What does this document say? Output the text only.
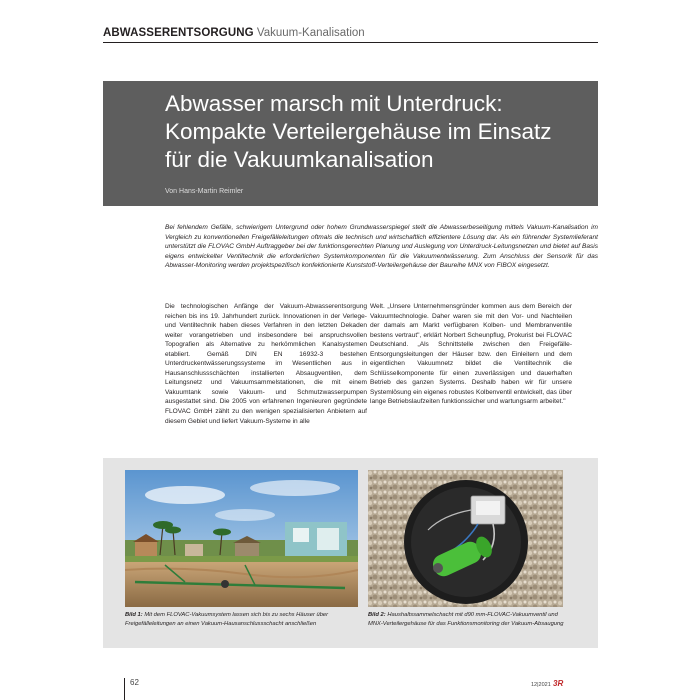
ABWASSERENTSORGUNG Vakuum-Kanalisation
Abwasser marsch mit Unterdruck:
Kompakte Verteilergehäuse im Einsatz
für die Vakuumkanalisation
Von Hans-Martin Reimler
Bei fehlendem Gefälle, schwierigem Untergrund oder hohem Grundwasserspiegel stellt die Abwasserbeseitigung mittels Vakuum-Kanalisation im Vergleich zu konventionellen Freigefälleleitungen oftmals die technisch und wirtschaftlich effizientere Lösung dar. Als ein führender Systemlieferant unterstützt die FLOVAC GmbH Auftraggeber bei der funktionsgerechten Planung und Auslegung von Unterdruck-Leitungsnetzen und bietet auf Basis eigens entwickelter Ventiltechnik die erforderlichen Systemkomponenten für die Vakuumentwässerung. Zum Anschluss der Sensorik für das Abwasser-Monitoring werden projektspezifisch konfektionierte Kunststoff-Verteilergehäuse der Baureihe MNX von FIBOX eingesetzt.
Die technologischen Anfänge der Vakuum-Abwasserentsorgung reichen bis ins 19. Jahrhundert zurück. Innovationen in der Verlege- und Ventiltechnik haben dieses Verfahren in den letzten Dekaden weiter vorangetrieben und insbesondere bei anspruchsvollen Topografien als Alternative zu herkömmlichen Kanalsystemen etabliert. Gemäß DIN EN 16932-3 bestehen Unterdruckentwässerungssysteme im Wesentlichen aus in Hausanschlussschächten installierten Absaugventilen, dem Leitungsnetz und Vakuumsammelstationen, die mit einem Vakuumtank sowie Vakuum- und Schmutzwasserpumpen ausgestattet sind. Die 2005 von erfahrenen Ingenieuren gegründete FLOVAC GmbH zählt zu den wenigen spezialisierten Anbietern auf diesem Gebiet und liefert Vakuum-Systeme in alle
Welt. „Unsere Unternehmensgründer kommen aus dem Bereich der Vakuumtechnologie. Daher waren sie mit den Vor- und Nachteilen der damals am Markt verfügbaren Kolben- und Membranventile bestens vertraut", erklärt Norbert Scheunpflug, Prokurist bei FLOVAC Deutschland. „Als Schnittstelle zwischen den Freigefälle-Entsorgungsleitungen der Häuser bzw. den Einleitern und dem eigentlichen Vakuumnetz bildet die Ventiltechnik die Schlüsselkomponente für einen zuverlässigen und dauerhaften Betrieb des ganzen Systems. Deshalb haben wir für unsere Systemlösung ein eigenes robustes Kolbenventil entwickelt, das über lange Betriebslaufzeiten funktionssicher und wartungsarm arbeitet."
Bild 1: Mit dem FLOVAC-Vakuumsystem lassen sich bis zu sechs Häuser über Freigefälleleitungen an einen Vakuum-Hausanschlussschacht anschließen
Bild 2: Haushaltssammelschacht mit d90 mm-FLOVAC-Vakuumventil und MNX-Verteilergehäuse für das Funktionsmonitoring der Vakuum-Absaugung
62	12|2021 3R
